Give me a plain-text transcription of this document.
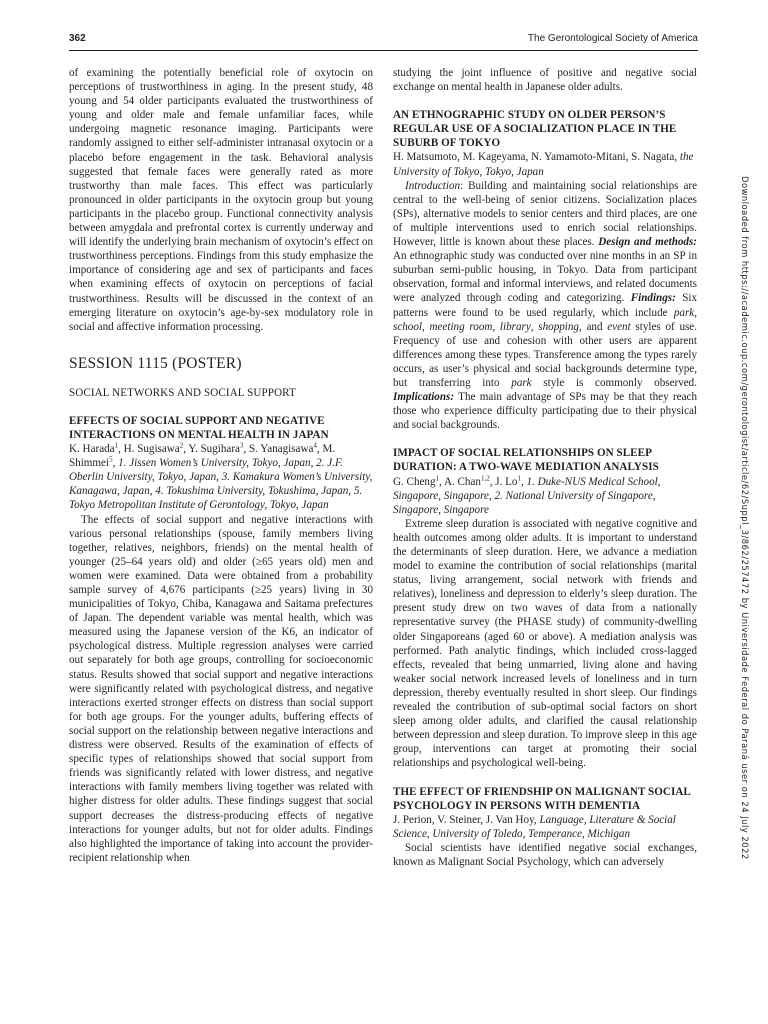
362	The Gerontological Society of America

of examining the potentially beneficial role of oxytocin on perceptions of trustworthiness in aging. In the present study, 48 young and 54 older participants evaluated the trustworthiness of young and older male and female unfamiliar faces, while undergoing magnetic resonance imaging. Participants were randomly assigned to either self-administer intranasal oxytocin or a placebo before engagement in the task. Behavioral analysis suggested that female faces were generally rated as more trustworthy than male faces. This effect was particularly pronounced in older participants in the oxytocin group but young participants in the placebo group. Functional connectivity analysis between amygdala and prefrontal cortex is currently underway and will identify the underlying brain mechanism of oxytocin’s effect on trustworthiness perceptions. Findings from this study emphasize the importance of considering age and sex of participants and faces when examining effects of oxytocin on perceptions of facial trustworthiness. Results will be discussed in the context of an emerging literature on oxytocin’s age-by-sex modulatory role in social and affective information processing.

SESSION 1115 (POSTER)
SOCIAL NETWORKS AND SOCIAL SUPPORT
EFFECTS OF SOCIAL SUPPORT AND NEGATIVE INTERACTIONS ON MENTAL HEALTH IN JAPAN

K. Harada$^1$, H. Sugisawa$^2$, Y. Sugihara$^3$, S. Yanagisawa$^4$, M. Shimmei$^5$, 1. Jissen Women’s University, Tokyo, Japan, 2. J.F. Oberlin University, Tokyo, Japan, 3. Kamakura Women’s University, Kanagawa, Japan, 4. Tokushima University, Tokushima, Japan, 5. Tokyo Metropolitan Institute of Gerontology, Tokyo, Japan

The effects of social support and negative interactions with various personal relationships (spouse, family members living together, relatives, neighbors, friends) on the mental health of younger (25–64 years old) and older (≥65 years old) men and women were examined. Data were obtained from a probability sample survey of 4,676 participants (≥25 years) living in 30 municipalities of Tokyo, Chiba, Kanagawa and Saitama prefectures of Japan. The dependent variable was mental health, which was measured using the Japanese version of the K6, an indicator of psychological distress. Multiple regression analyses were carried out separately for both age groups, controlling for socioeconomic status. Results showed that social support and negative interactions were significantly related with psychological distress, and negative interactions exerted stronger effects on distress than social support for both age groups. For the younger adults, buffering effects of social support on the relationship between negative interactions and distress were observed. Results of the examination of effects of specific types of relationships showed that social support from friends was significantly related with lower distress, and negative interactions with family members living together was related with higher distress for older adults. These findings suggest that social support decreases the distress-producing effects of negative interactions for younger adults, but not for older adults. Findings also highlighted the importance of taking into account the provider-recipient relationship when

studying the joint influence of positive and negative social exchange on mental health in Japanese older adults.

AN ETHNOGRAPHIC STUDY ON OLDER PERSON’S REGULAR USE OF A SOCIALIZATION PLACE IN THE SUBURB OF TOKYO

H. Matsumoto, M. Kageyama, N. Yamamoto-Mitani, S. Nagata, the University of Tokyo, Tokyo, Japan

Introduction: Building and maintaining social relationships are central to the well-being of senior citizens. Socialization places (SPs), alternative models to senior centers and third places, are one of multiple interventions used to enrich social relationships. However, little is known about these places. Design and methods: An ethnographic study was conducted over nine months in an SP in suburban semi-public housing, in Tokyo. Data from participant observation, formal and informal interviews, and related documents were analyzed through coding and categorizing. Findings: Six patterns were found to be used regularly, which include park, school, meeting room, library, shopping, and event styles of use. Frequency of use and cohesion with other users are apparent differences among these types. Transference among the types rarely occurs, as user’s physical and social backgrounds determine type, but transferring into park style is commonly observed. Implications: The main advantage of SPs may be that they reach those who experience difficulty participating due to their physical and social backgrounds.

IMPACT OF SOCIAL RELATIONSHIPS ON SLEEP DURATION: A TWO-WAVE MEDIATION ANALYSIS

G. Cheng$^1$, A. Chan$^{1,2}$, J. Lo$^1$, 1. Duke-NUS Medical School, Singapore, Singapore, 2. National University of Singapore, Singapore, Singapore

Extreme sleep duration is associated with negative cognitive and health outcomes among older adults. It is important to understand the determinants of sleep duration. Here, we advance a mediation model to examine the contribution of social relationships (marital status, living arrangement, social network with friends and relatives), loneliness and depression to elderly’s sleep duration. The present study drew on two waves of data from a nationally representative survey (the PHASE study) of community-dwelling older Singaporeans (aged 60 or above). A mediation analysis was performed. Path analytic findings, which included cross-lagged effects, revealed that being unmarried, living alone and having weaker social network increased levels of loneliness and in turn depression, thereby eventually resulted in short sleep. Our findings revealed the contribution of sub-optimal social factors on short sleep among older adults, and clarified the causal relationship between depression and sleep duration. To improve sleep in this age group, interventions can target at promoting their social relationships and psychological well-being.

THE EFFECT OF FRIENDSHIP ON MALIGNANT SOCIAL PSYCHOLOGY IN PERSONS WITH DEMENTIA

J. Perion, V. Steiner, J. Van Hoy, Language, Literature & Social Science, University of Toledo, Temperance, Michigan

Social scientists have identified negative social exchanges, known as Malignant Social Psychology, which can adversely

Downloaded from https://academic.oup.com/gerontologist/article/62/Suppl_3/862/257472 by Universidade Federal do Paraná user on 24 July 2022
